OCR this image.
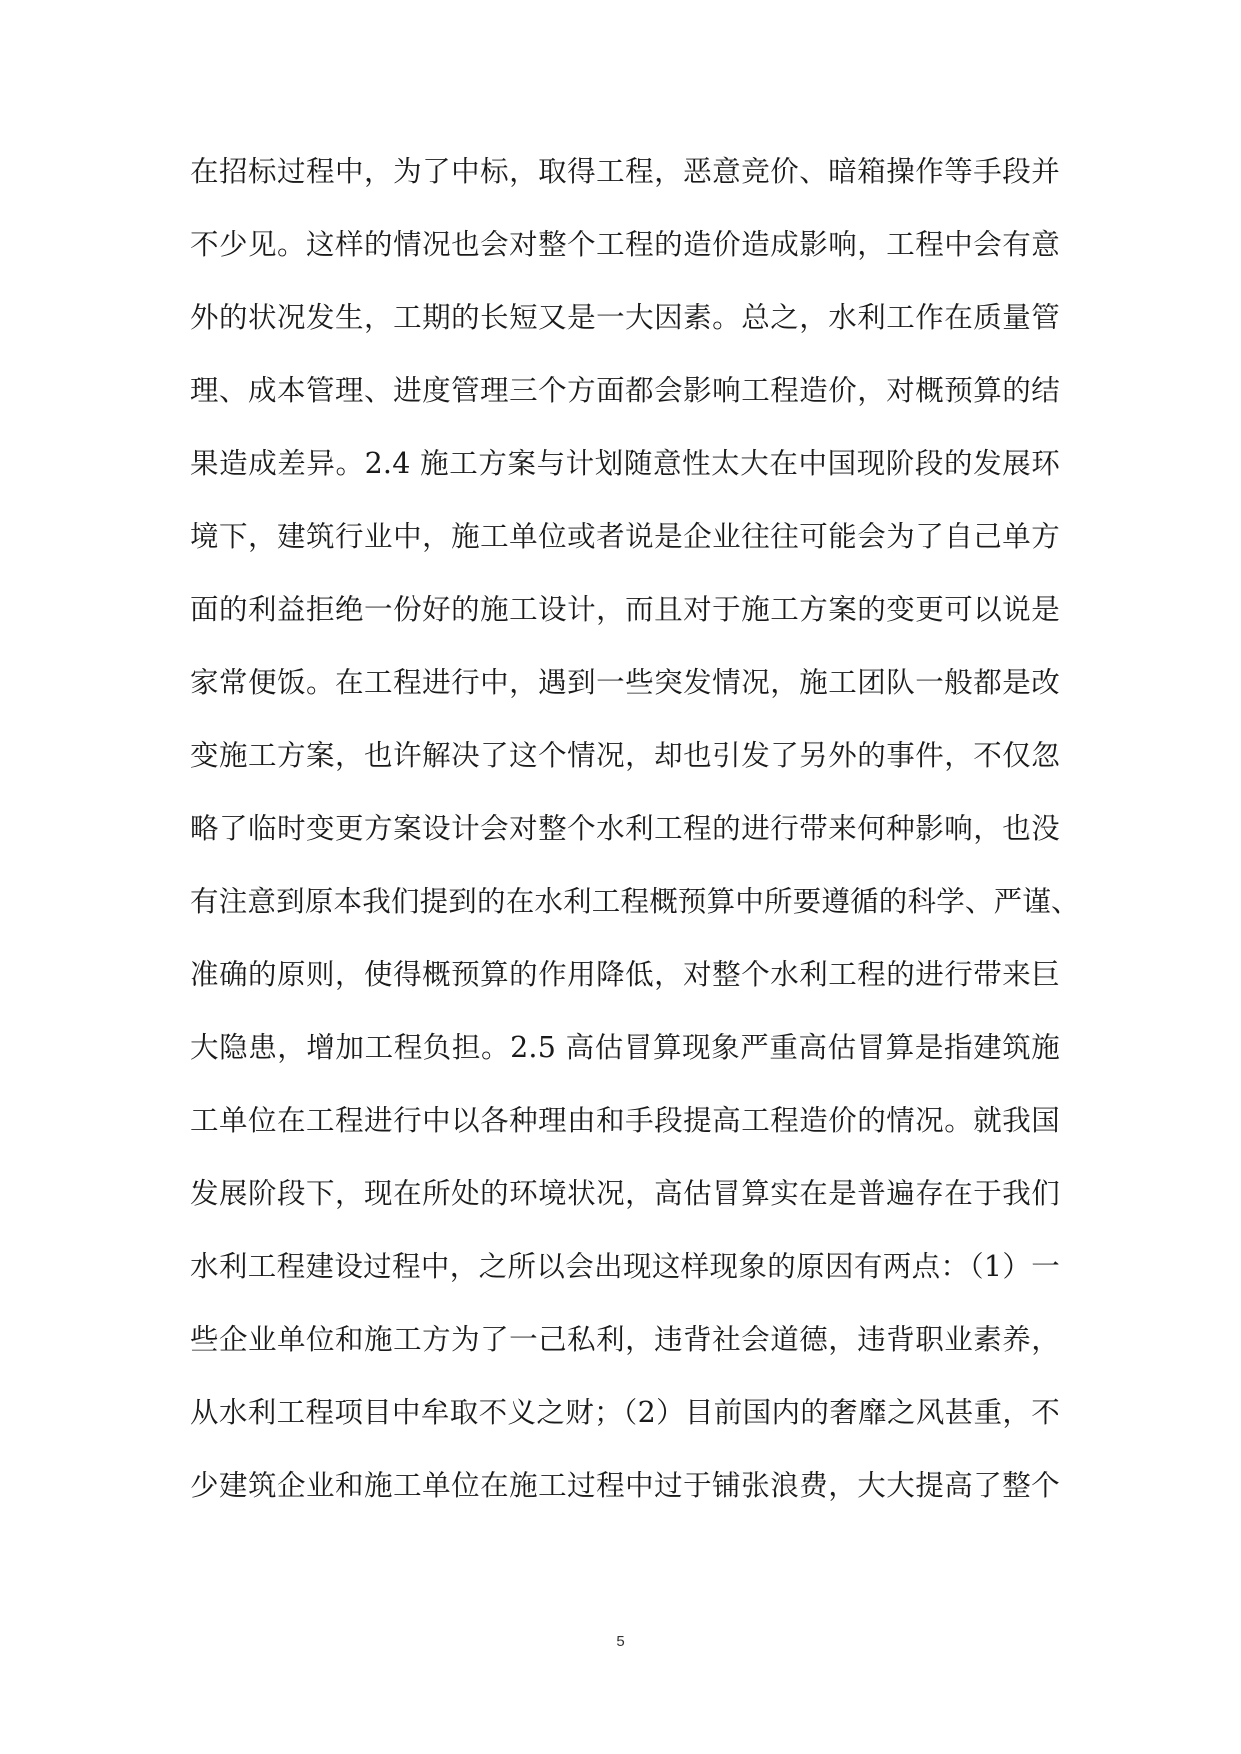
在招标过程中，为了中标，取得工程，恶意竞价、暗箱操作等手段并
不少见。这样的情况也会对整个工程的造价造成影响，工程中会有意
外的状况发生，工期的长短又是一大因素。总之，水利工作在质量管
理、成本管理、进度管理三个方面都会影响工程造价，对概预算的结
果造成差异。2.4 施工方案与计划随意性太大在中国现阶段的发展环
境下，建筑行业中，施工单位或者说是企业往往可能会为了自己单方
面的利益拒绝一份好的施工设计，而且对于施工方案的变更可以说是
家常便饭。在工程进行中，遇到一些突发情况，施工团队一般都是改
变施工方案，也许解决了这个情况，却也引发了另外的事件，不仅忽
略了临时变更方案设计会对整个水利工程的进行带来何种影响，也没
有注意到原本我们提到的在水利工程概预算中所要遵循的科学、严谨、
准确的原则，使得概预算的作用降低，对整个水利工程的进行带来巨
大隐患，增加工程负担。2.5 高估冒算现象严重高估冒算是指建筑施
工单位在工程进行中以各种理由和手段提高工程造价的情况。就我国
发展阶段下，现在所处的环境状况，高估冒算实在是普遍存在于我们
水利工程建设过程中，之所以会出现这样现象的原因有两点：（1）一
些企业单位和施工方为了一己私利，违背社会道德，违背职业素养，
从水利工程项目中牟取不义之财；（2）目前国内的奢靡之风甚重，不
少建筑企业和施工单位在施工过程中过于铺张浪费，大大提高了整个
5
